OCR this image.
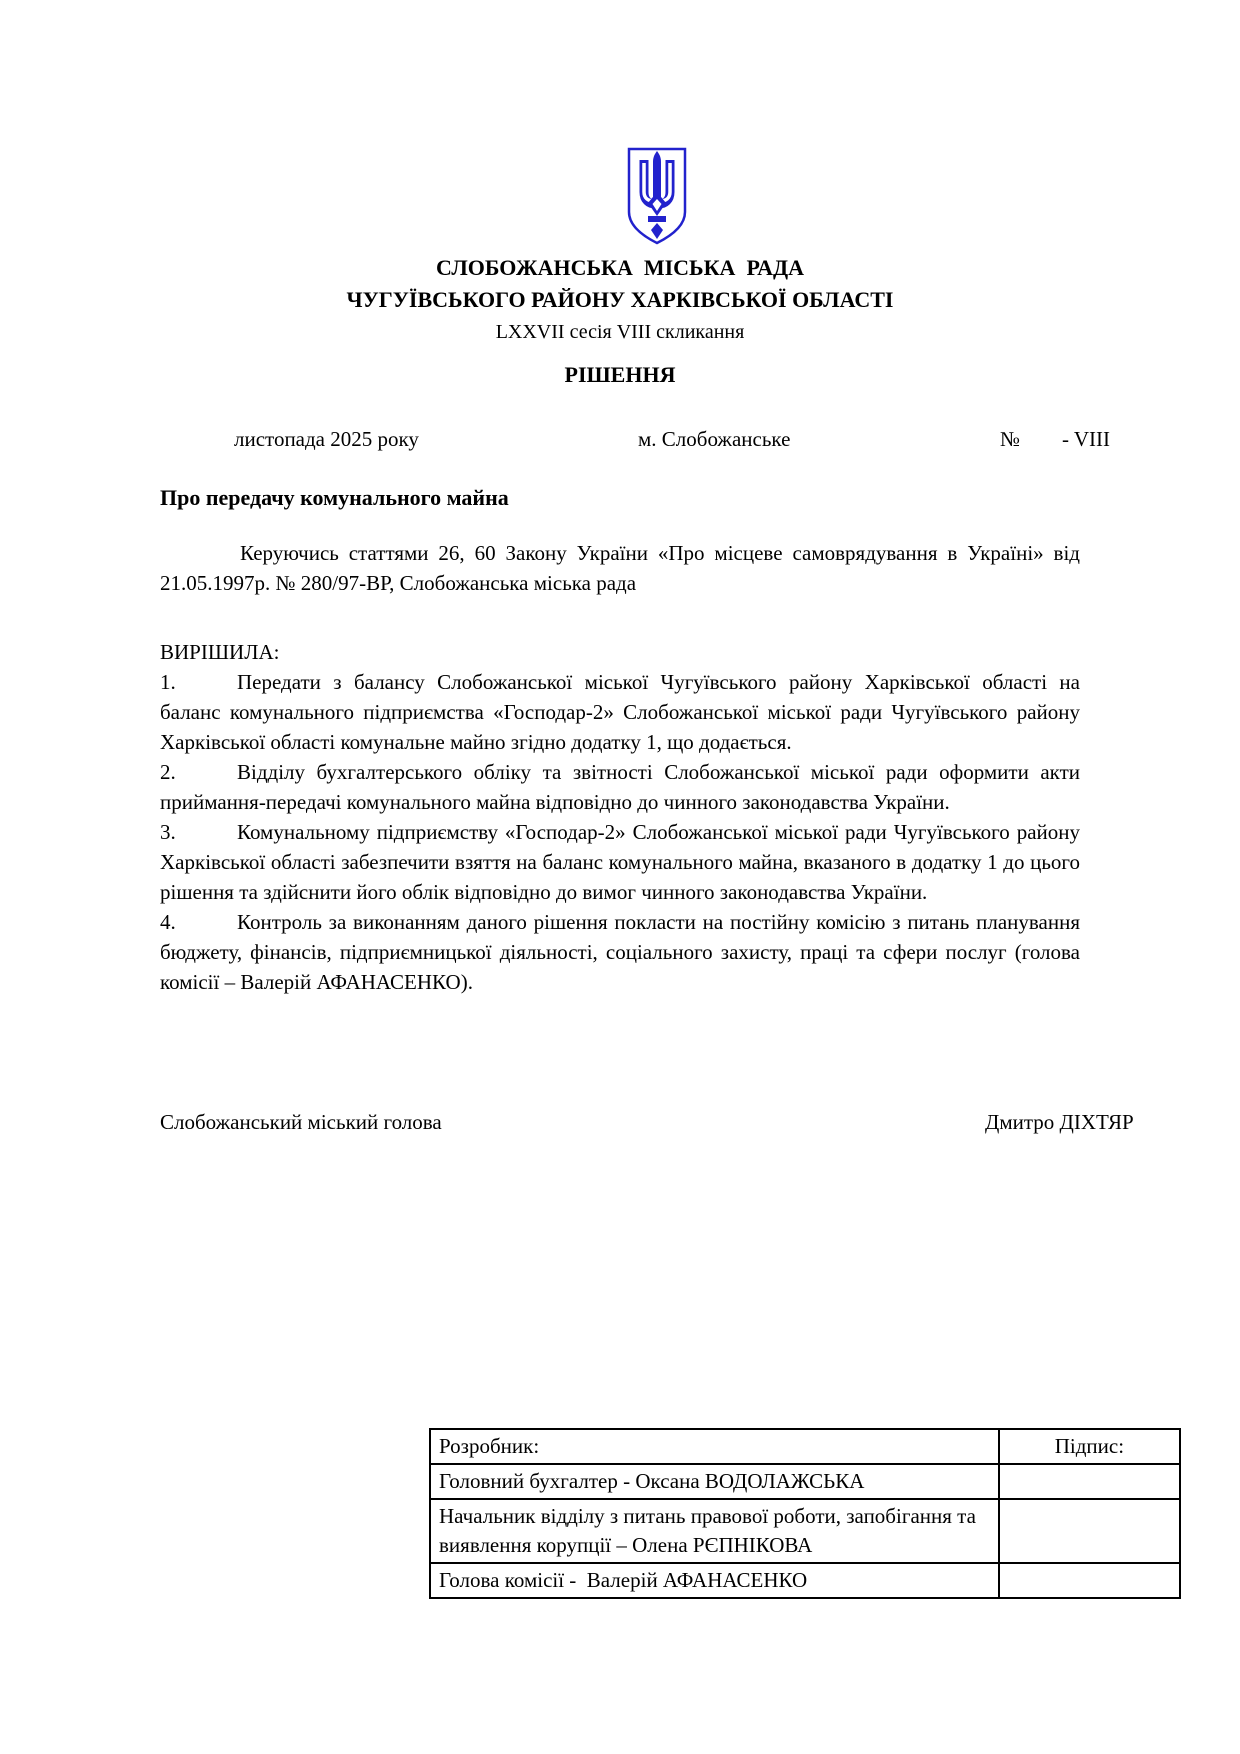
СЛОБОЖАНСЬКА  МІСЬКА  РАДА
ЧУГУЇВСЬКОГО РАЙОНУ ХАРКІВСЬКОЇ ОБЛАСТІ
LXXVII сесія VIII скликання
РІШЕННЯ
листопада 2025 року	м. Слобожанське	№ - VIII
Про передачу комунального майна

Керуючись статтями 26, 60 Закону України «Про місцеве самоврядування в Україні» від 21.05.1997р. № 280/97-ВР, Слобожанська міська рада

ВИРІШИЛА:

1.	Передати з балансу Слобожанської міської Чугуївського району Харківської області на баланс комунального підприємства «Господар-2» Слобожанської міської ради Чугуївського району Харківської області комунальне майно згідно додатку 1, що додається.

2.	Відділу бухгалтерського обліку та звітності Слобожанської міської ради оформити акти приймання-передачі комунального майна відповідно до чинного законодавства України.

3.	Комунальному підприємству «Господар-2» Слобожанської міської ради Чугуївського району Харківської області забезпечити взяття на баланс комунального майна, вказаного в додатку 1 до цього рішення та здійснити його облік відповідно до вимог чинного законодавства України.

4.	Контроль за виконанням даного рішення покласти на постійну комісію з питань планування бюджету, фінансів, підприємницької діяльності, соціального захисту, праці та сфери послуг (голова комісії – Валерій АФАНАСЕНКО).

Слобожанський міський голова	Дмитро ДІХТЯР
Розробник:	Підпис:
Головний бухгалтер - Оксана ВОДОЛАЖСЬКА	
Начальник відділу з питань правової роботи, запобігання та виявлення корупції – Олена РЄПНІКОВА	
Голова комісії -  Валерій АФАНАСЕНКО	
